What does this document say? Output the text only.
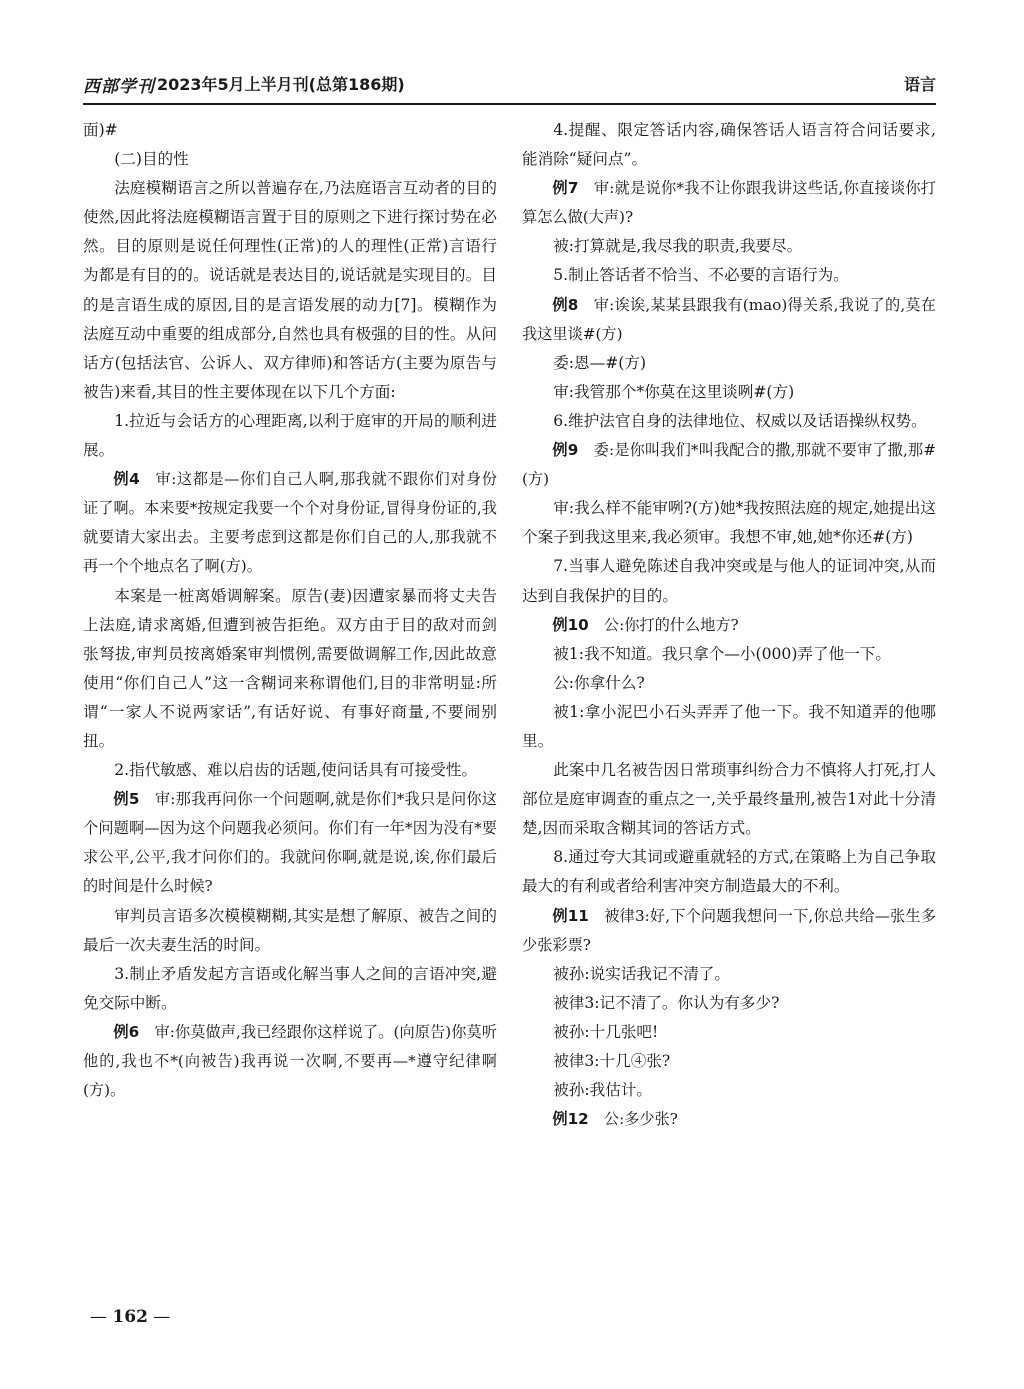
西部学刊 2023年5月上半月刊(总第186期)	语言

面)#

(二)目的性

法庭模糊语言之所以普遍存在,乃法庭语言互动者的目的使然,因此将法庭模糊语言置于目的原则之下进行探讨势在必然。目的原则是说任何理性(正常)的人的理性(正常)言语行为都是有目的的。说话就是表达目的,说话就是实现目的。目的是言语生成的原因,目的是言语发展的动力[7]。模糊作为法庭互动中重要的组成部分,自然也具有极强的目的性。从问话方(包括法官、公诉人、双方律师)和答话方(主要为原告与被告)来看,其目的性主要体现在以下几个方面:

1.拉近与会话方的心理距离,以利于庭审的开局的顺利进展。

例4  审:这都是—你们自己人啊,那我就不跟你们对身份证了啊。本来要*按规定我要一个个对身份证,冒得身份证的,我就要请大家出去。主要考虑到这都是你们自己的人,那我就不再一个个地点名了啊(方)。

本案是一桩离婚调解案。原告(妻)因遭家暴而将丈夫告上法庭,请求离婚,但遭到被告拒绝。双方由于目的敌对而剑张弩拔,审判员按离婚案审判惯例,需要做调解工作,因此故意使用“你们自己人”这一含糊词来称谓他们,目的非常明显:所谓“一家人不说两家话”,有话好说、有事好商量,不要闹别扭。

2.指代敏感、难以启齿的话题,使问话具有可接受性。

例5  审:那我再问你一个问题啊,就是你们*我只是问你这个问题啊—因为这个问题我必须问。你们有一年*因为没有*要求公平,公平,我才问你们的。我就问你啊,就是说,诶,你们最后的时间是什么时候?

审判员言语多次模模糊糊,其实是想了解原、被告之间的最后一次夫妻生活的时间。

3.制止矛盾发起方言语或化解当事人之间的言语冲突,避免交际中断。

例6  审:你莫做声,我已经跟你这样说了。(向原告)你莫听他的,我也不*(向被告)我再说一次啊,不要再—*遵守纪律啊(方)。

4.提醒、限定答话内容,确保答话人语言符合问话要求,能消除“疑问点”。

例7  审:就是说你*我不让你跟我讲这些话,你直接谈你打算怎么做(大声)?

被:打算就是,我尽我的职责,我要尽。

5.制止答话者不恰当、不必要的言语行为。

例8  审:诶诶,某某县跟我有(mao)得关系,我说了的,莫在我这里谈#(方)

委:恩—#(方)

审:我管那个*你莫在这里谈咧#(方)

6.维护法官自身的法律地位、权威以及话语操纵权势。

例9  委:是你叫我们*叫我配合的撒,那就不要审了撒,那#(方)

审:我么样不能审咧?(方)她*我按照法庭的规定,她提出这个案子到我这里来,我必须审。我想不审,她,她*你还#(方)

7.当事人避免陈述自我冲突或是与他人的证词冲突,从而达到自我保护的目的。

例10  公:你打的什么地方?

被1:我不知道。我只拿个—小(000)弄了他一下。

公:你拿什么?

被1:拿小泥巴小石头弄弄了他一下。我不知道弄的他哪里。

此案中几名被告因日常琐事纠纷合力不慎将人打死,打人部位是庭审调查的重点之一,关乎最终量刑,被告1对此十分清楚,因而采取含糊其词的答话方式。

8.通过夸大其词或避重就轻的方式,在策略上为自己争取最大的有利或者给利害冲突方制造最大的不利。

例11  被律3:好,下个问题我想问一下,你总共给—张生多少张彩票?

被孙:说实话我记不清了。

被律3:记不清了。你认为有多少?

被孙:十几张吧!

被律3:十几④张?

被孙:我估计。

例12  公:多少张?

— 162 —
